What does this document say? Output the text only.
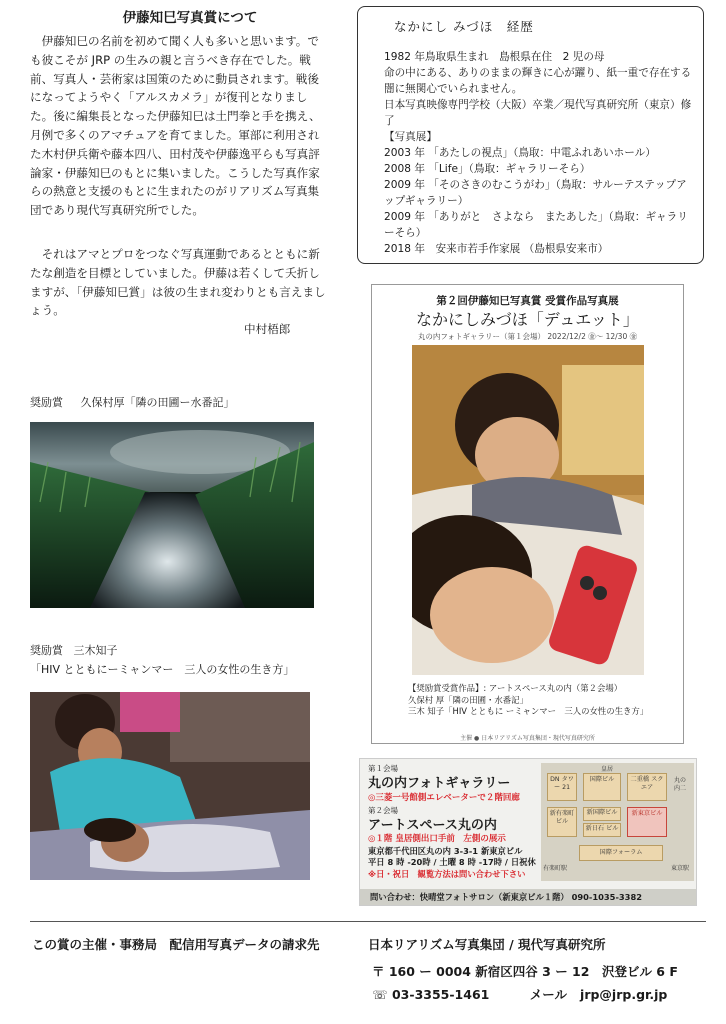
伊藤知巳写真賞につて

伊藤知巳の名前を初めて聞く人も多いと思います。でも彼こそが JRP の生みの親と言うべき存在でした。戦前、写真人・芸術家は国策のために動員されます。戦後になってようやく「アルスカメラ」が復刊となりました。後に編集長となった伊藤知巳は土門拳と手を携え、月例で多くのアマチュアを育てました。軍部に利用された木村伊兵衛や藤本四八、田村茂や伊藤逸平らも写真評論家・伊藤知巳のもとに集いました。こうした写真作家らの熱意と支援のもとに生まれたのがリアリズム写真集団であり現代写真研究所でした。

それはアマとプロをつなぐ写真運動であるとともに新たな創造を目標としていました。伊藤は若くして夭折しますが、「伊藤知巳賞」は彼の生まれ変わりとも言えましょう。

中村梧郎
奨励賞 久保村厚「隣の田圃ー水番記」
奨励賞 三木知子
「HIV とともにーミャンマー　三人の女性の生き方」
なかにし みづほ　経歴
1982 年鳥取県生まれ　島根県在住　2 児の母
命の中にある、ありのままの輝きに心が躍り、紙一重で存在する闇に無関心でいられません。
日本写真映像専門学校（大阪）卒業／現代写真研究所（東京）修了
【写真展】
2003 年 「あたしの視点」（鳥取：中電ふれあいホール）
2008 年 「Life」（鳥取：ギャラリーそら）
2009 年 「そのさきのむこうがわ」（鳥取：サルーテステップアップギャラリー）
2009 年 「ありがと　さよなら　またあした」（鳥取：ギャラリーそら）
2018 年　安来市若手作家展 （島根県安来市）
第２回伊藤知巳写真賞 受賞作品写真展
なかにしみづほ「デュエット」
丸の内フォトギャラリー（第１会場） 2022/12/2 ㊎〜 12/30 ㊎
【奨励賞受賞作品】: アートスペース丸の内（第２会場）
久保村 厚「隣の田圃・水番記」
三木 知子「HIV とともに ーミャンマー　三人の女性の生き方」
主催 ● 日本リアリズム写真集団・現代写真研究所
第１会場
丸の内フォトギャラリー
◎三菱一号館側エレベーターで２階回廊
第２会場
アートスペース丸の内
◎１階 皇居側出口手前　左側の展示
東京都千代田区丸の内 3-3-1 新東京ビル
平日 8 時 -20時 / 土曜 8 時 -17時 / 日祝休
※日・祝日　観覧方法は問い合わせ下さい
皇居
DN タワー 21
国際ビル	二重橋 スクエア
新有楽町 ビル
新国際ビル
新日石 ビル
新東京ビル
国際フォーラム
有楽町駅	東京駅
丸の内二
問い合わせ：快晴堂フォトサロン（新東京ビル１階） 090-1035-3382
この賞の主催・事務局　配信用写真データの請求先	日本リアリズム写真集団 / 現代写真研究所
〒 160 ー 0004 新宿区四谷 3 ー 12　沢登ビル 6 F
☏ 03-3355-1461	メール jrp@jrp.gr.jp
